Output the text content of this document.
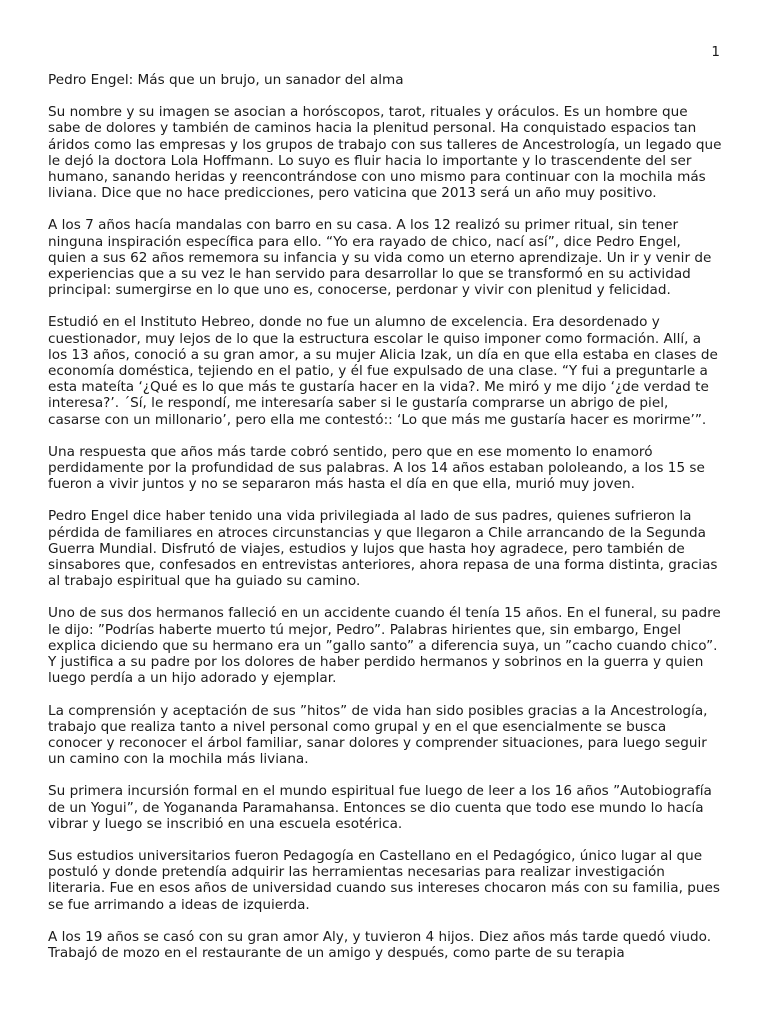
1

Pedro Engel: Más que un brujo, un sanador del alma

Su nombre y su imagen se asocian a horóscopos, tarot, rituales y oráculos. Es un hombre que sabe de dolores y también de caminos hacia la plenitud personal. Ha conquistado espacios tan áridos como las empresas y los grupos de trabajo con sus talleres de Ancestrología, un legado que le dejó la doctora Lola Hoffmann. Lo suyo es fluir hacia lo importante y lo trascendente del ser humano, sanando heridas y reencontrándose con uno mismo para continuar con la mochila más liviana. Dice que no hace predicciones, pero vaticina que 2013 será un año muy positivo.

A los 7 años hacía mandalas con barro en su casa. A los 12 realizó su primer ritual, sin tener ninguna inspiración específica para ello. “Yo era rayado de chico, nací así”, dice Pedro Engel, quien a sus 62 años rememora su infancia y su vida como un eterno aprendizaje. Un ir y venir de experiencias que a su vez le han servido para desarrollar lo que se transformó en su actividad principal: sumergirse en lo que uno es, conocerse, perdonar y vivir con plenitud y felicidad.

Estudió en el Instituto Hebreo, donde no fue un alumno de excelencia. Era desordenado y cuestionador, muy lejos de lo que la estructura escolar le quiso imponer como formación. Allí, a los 13 años, conoció a su gran amor, a su mujer Alicia Izak, un día en que ella estaba en clases de economía doméstica, tejiendo en el patio, y él fue expulsado de una clase. “Y fui a preguntarle a esta mateíta ‘¿Qué es lo que más te gustaría hacer en la vida?. Me miró y me dijo ‘¿de verdad te interesa?’. ´Sí, le respondí, me interesaría saber si le gustaría comprarse un abrigo de piel, casarse con un millonario’, pero ella me contestó:: ‘Lo que más me gustaría hacer es morirme’”.

Una respuesta que años más tarde cobró sentido, pero que en ese momento lo enamoró perdidamente por la profundidad de sus palabras. A los 14 años estaban pololeando, a los 15 se fueron a vivir juntos y no se separaron más hasta el día en que ella, murió muy joven.

Pedro Engel dice haber tenido una vida privilegiada al lado de sus padres, quienes sufrieron la pérdida de familiares en atroces circunstancias y que llegaron a Chile arrancando de la Segunda Guerra Mundial. Disfrutó de viajes, estudios y lujos que hasta hoy agradece, pero también de sinsabores que, confesados en entrevistas anteriores, ahora repasa de una forma distinta, gracias al trabajo espiritual que ha guiado su camino.

Uno de sus dos hermanos falleció en un accidente cuando él tenía 15 años. En el funeral, su padre le dijo: ”Podrías haberte muerto tú mejor, Pedro”. Palabras hirientes que, sin embargo, Engel explica diciendo que su hermano era un ”gallo santo” a diferencia suya, un ”cacho cuando chico”. Y justifica a su padre por los dolores de haber perdido hermanos y sobrinos en la guerra y quien luego perdía a un hijo adorado y ejemplar.

La comprensión y aceptación de sus ”hitos” de vida han sido posibles gracias a la Ancestrología, trabajo que realiza tanto a nivel personal como grupal y en el que esencialmente se busca conocer y reconocer el árbol familiar, sanar dolores y comprender situaciones, para luego seguir un camino con la mochila más liviana.

Su primera incursión formal en el mundo espiritual fue luego de leer a los 16 años ”Autobiografía de un Yogui”, de Yogananda Paramahansa. Entonces se dio cuenta que todo ese mundo lo hacía vibrar y luego se inscribió en una escuela esotérica.

Sus estudios universitarios fueron Pedagogía en Castellano en el Pedagógico, único lugar al que postuló y donde pretendía adquirir las herramientas necesarias para realizar investigación literaria. Fue en esos años de universidad cuando sus intereses chocaron más con su familia, pues se fue arrimando a ideas de izquierda.

A los 19 años se casó con su gran amor Aly, y tuvieron 4 hijos. Diez años más tarde quedó viudo. Trabajó de mozo en el restaurante de un amigo y después, como parte de su terapia
